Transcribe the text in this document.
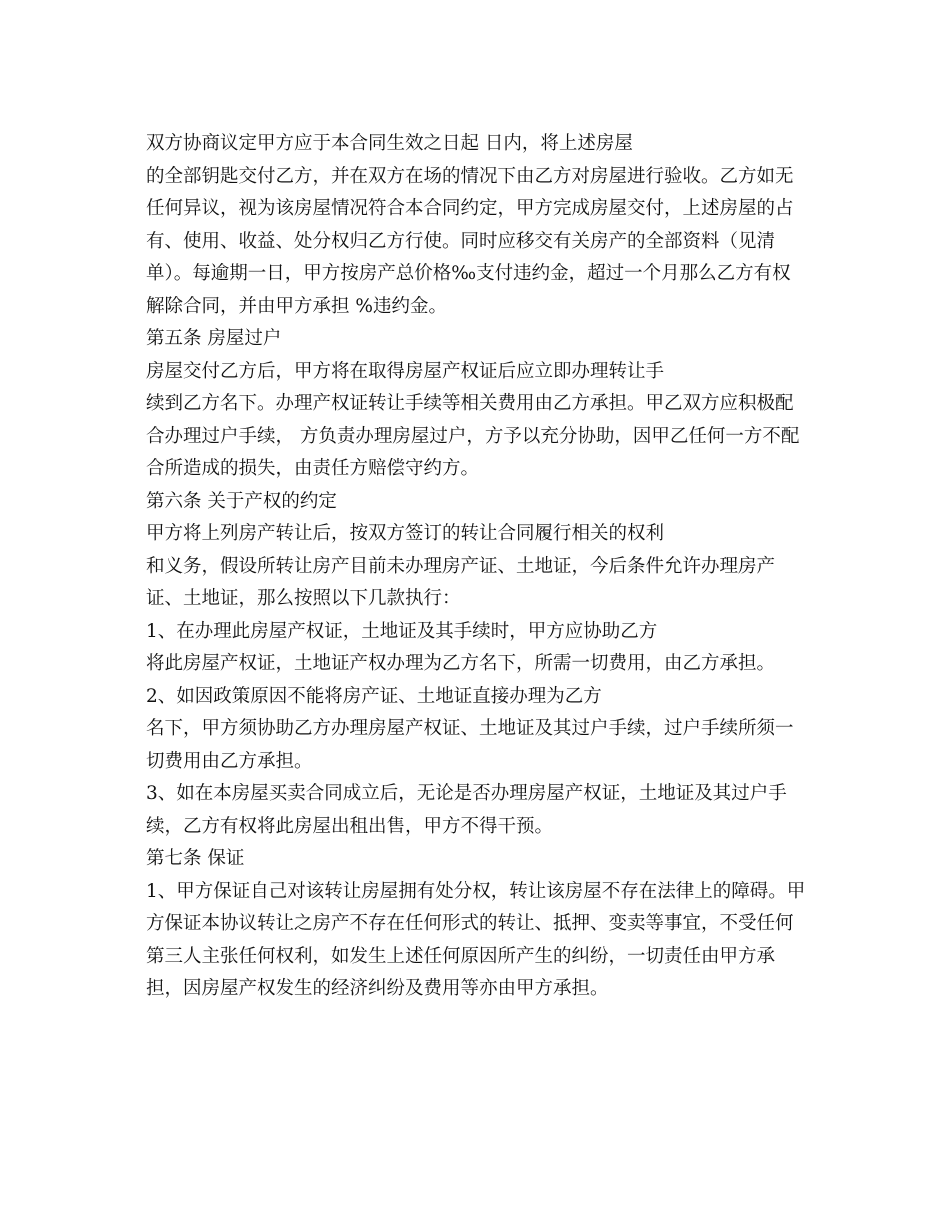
双方协商议定甲方应于本合同生效之日起 日内，将上述房屋
的全部钥匙交付乙方，并在双方在场的情况下由乙方对房屋进行验收。乙方如无
任何异议，视为该房屋情况符合本合同约定，甲方完成房屋交付，上述房屋的占
有、使用、收益、处分权归乙方行使。同时应移交有关房产的全部资料（见清
单）。每逾期一日，甲方按房产总价格‰支付违约金，超过一个月那么乙方有权
解除合同，并由甲方承担 %违约金。
第五条 房屋过户
房屋交付乙方后，甲方将在取得房屋产权证后应立即办理转让手
续到乙方名下。办理产权证转让手续等相关费用由乙方承担。甲乙双方应积极配
合办理过户手续， 方负责办理房屋过户，方予以充分协助，因甲乙任何一方不配
合所造成的损失，由责任方赔偿守约方。
第六条 关于产权的约定
甲方将上列房产转让后，按双方签订的转让合同履行相关的权利
和义务，假设所转让房产目前未办理房产证、土地证，今后条件允许办理房产
证、土地证，那么按照以下几款执行：
1、在办理此房屋产权证，土地证及其手续时，甲方应协助乙方
将此房屋产权证，土地证产权办理为乙方名下，所需一切费用，由乙方承担。
2、如因政策原因不能将房产证、土地证直接办理为乙方
名下，甲方须协助乙方办理房屋产权证、土地证及其过户手续，过户手续所须一
切费用由乙方承担。
3、如在本房屋买卖合同成立后，无论是否办理房屋产权证，土地证及其过户手
续，乙方有权将此房屋出租出售，甲方不得干预。
第七条 保证
1、甲方保证自己对该转让房屋拥有处分权，转让该房屋不存在法律上的障碍。甲
方保证本协议转让之房产不存在任何形式的转让、抵押、变卖等事宜，不受任何
第三人主张任何权利，如发生上述任何原因所产生的纠纷，一切责任由甲方承
担，因房屋产权发生的经济纠纷及费用等亦由甲方承担。
